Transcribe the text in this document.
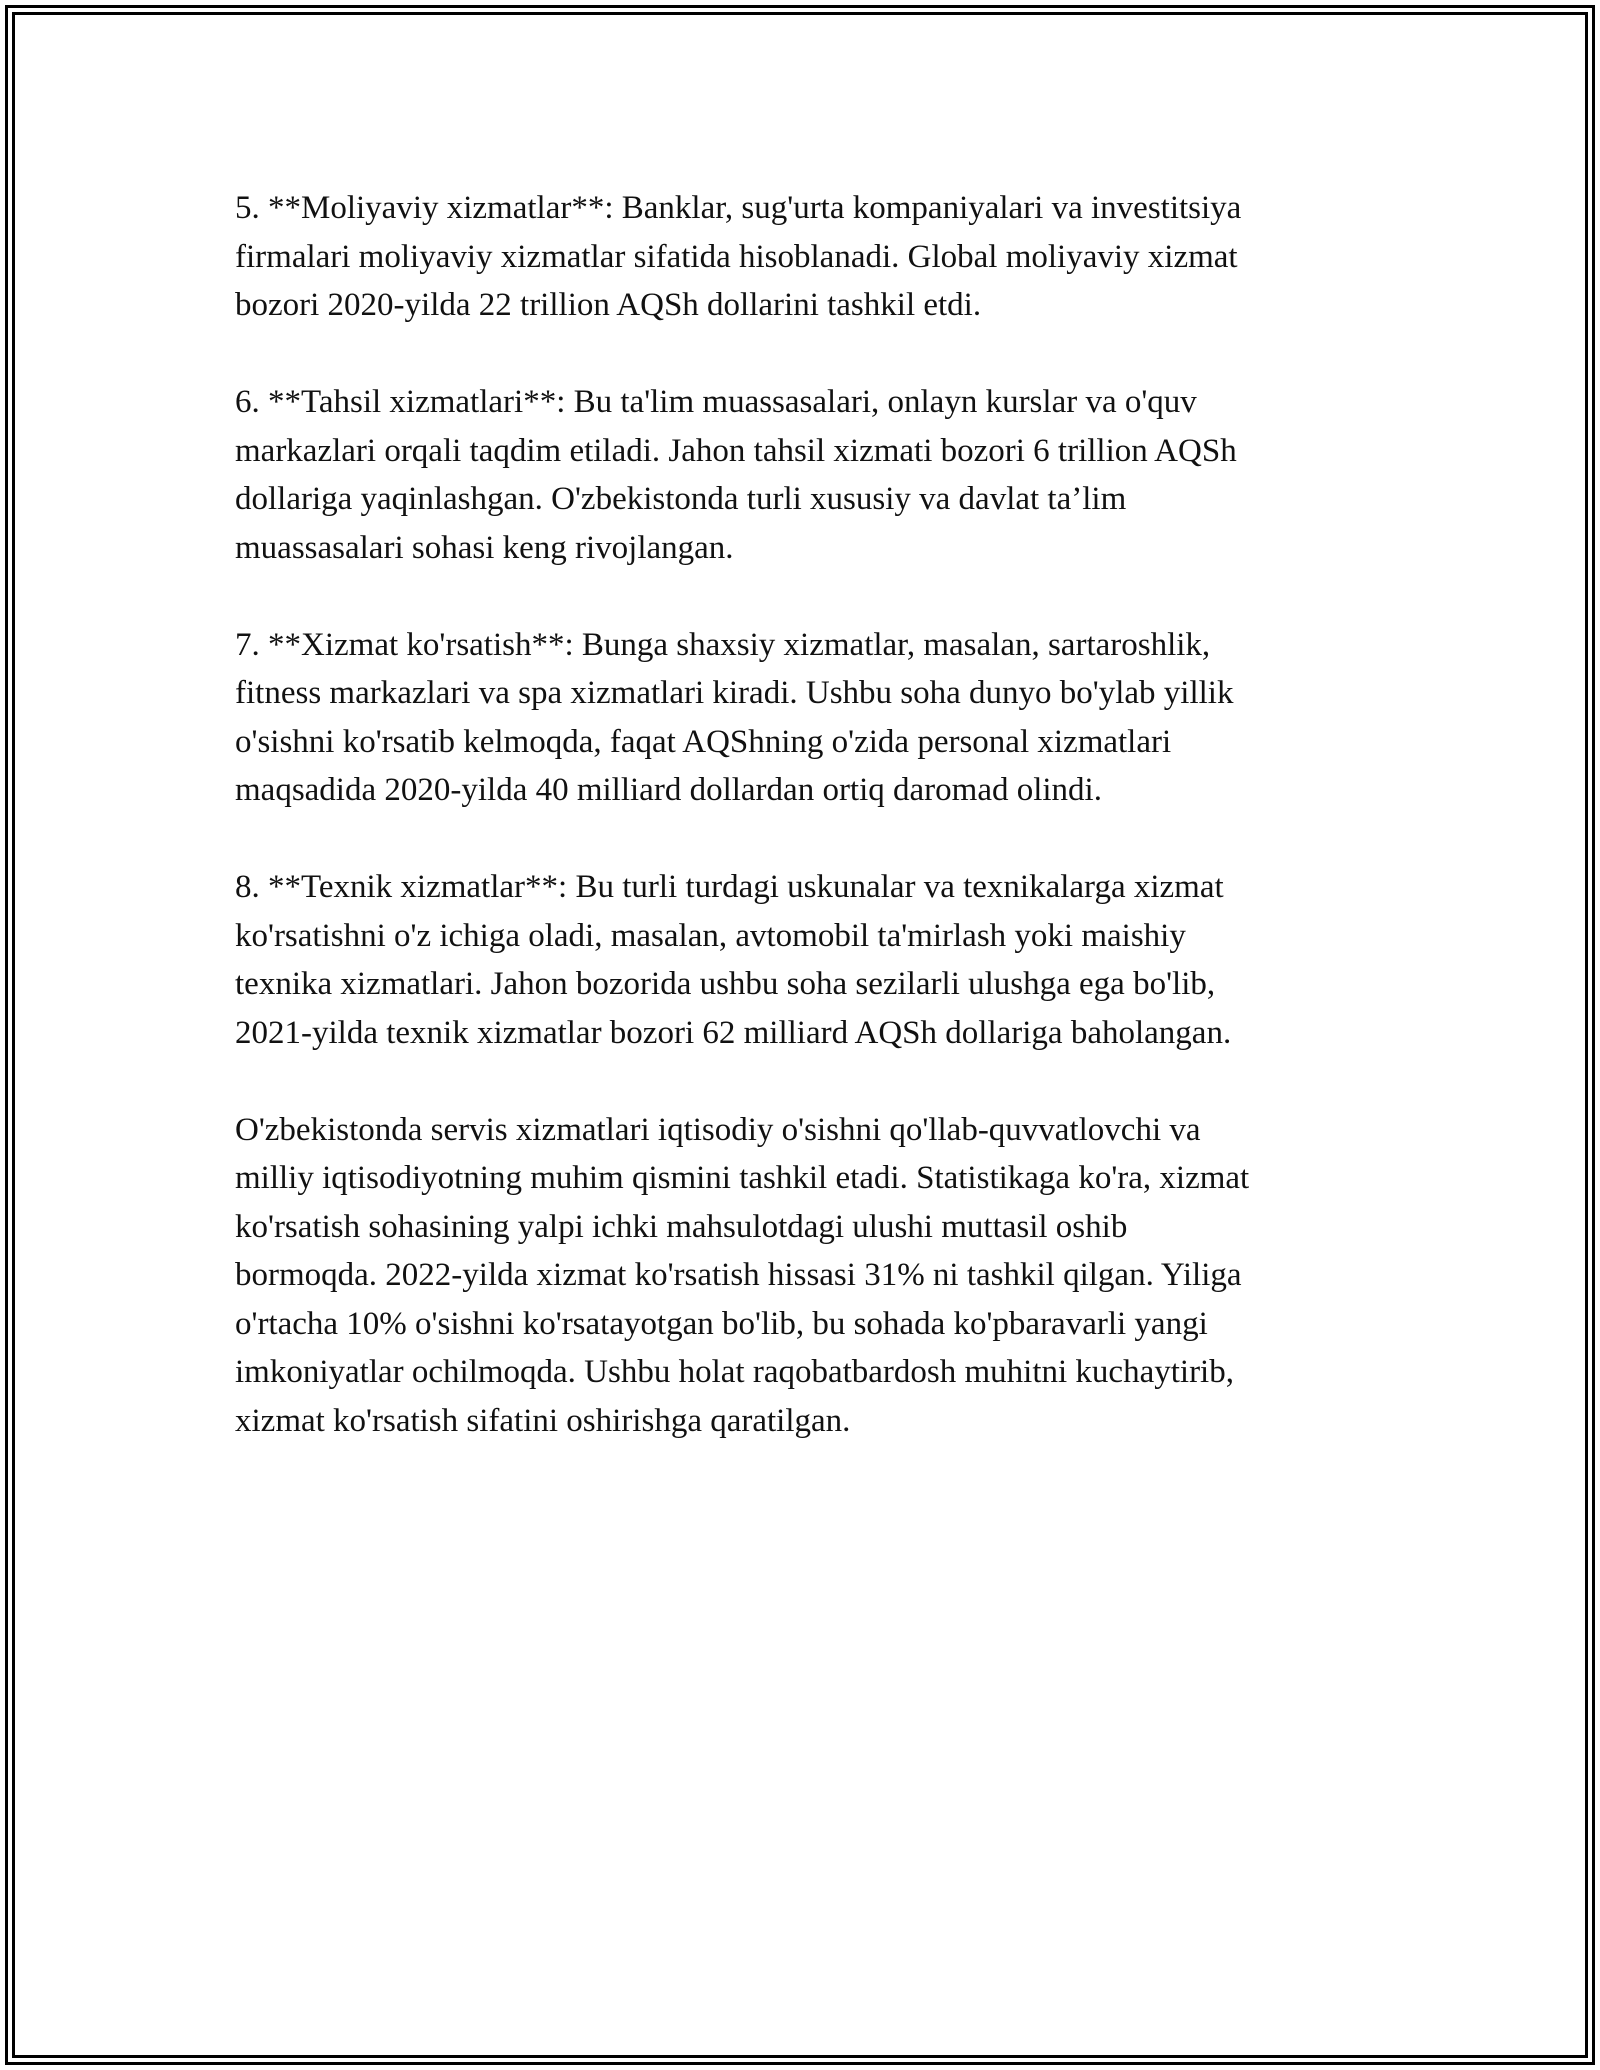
5. **Moliyaviy xizmatlar**: Banklar, sug'urta kompaniyalari va investitsiya
firmalari moliyaviy xizmatlar sifatida hisoblanadi. Global moliyaviy xizmat
bozori 2020-yilda 22 trillion AQSh dollarini tashkil etdi.

6. **Tahsil xizmatlari**: Bu ta'lim muassasalari, onlayn kurslar va o'quv
markazlari orqali taqdim etiladi. Jahon tahsil xizmati bozori 6 trillion AQSh
dollariga yaqinlashgan. O'zbekistonda turli xususiy va davlat ta’lim
muassasalari sohasi keng rivojlangan.

7. **Xizmat ko'rsatish**: Bunga shaxsiy xizmatlar, masalan, sartaroshlik,
fitness markazlari va spa xizmatlari kiradi. Ushbu soha dunyo bo'ylab yillik
o'sishni ko'rsatib kelmoqda, faqat AQShning o'zida personal xizmatlari
maqsadida 2020-yilda 40 milliard dollardan ortiq daromad olindi.

8. **Texnik xizmatlar**: Bu turli turdagi uskunalar va texnikalarga xizmat
ko'rsatishni o'z ichiga oladi, masalan, avtomobil ta'mirlash yoki maishiy
texnika xizmatlari. Jahon bozorida ushbu soha sezilarli ulushga ega bo'lib,
2021-yilda texnik xizmatlar bozori 62 milliard AQSh dollariga baholangan.

O'zbekistonda servis xizmatlari iqtisodiy o'sishni qo'llab-quvvatlovchi va
milliy iqtisodiyotning muhim qismini tashkil etadi. Statistikaga ko'ra, xizmat
ko'rsatish sohasining yalpi ichki mahsulotdagi ulushi muttasil oshib
bormoqda. 2022-yilda xizmat ko'rsatish hissasi 31% ni tashkil qilgan. Yiliga
o'rtacha 10% o'sishni ko'rsatayotgan bo'lib, bu sohada ko'pbaravarli yangi
imkoniyatlar ochilmoqda. Ushbu holat raqobatbardosh muhitni kuchaytirib,
xizmat ko'rsatish sifatini oshirishga qaratilgan.
